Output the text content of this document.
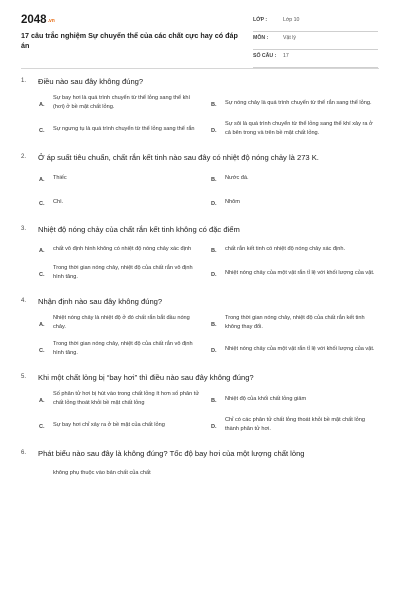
2048.vn
17 câu trắc nghiệm Sự chuyển thể của các chất cực hay có đáp án
LỚP :	Lớp 10
MÔN :	Vật lý
SỐ CÂU : 17
1. Điều nào sau đây không đúng?
A.
Sự bay hơi là quá trình chuyển từ thể lỏng sang thể khí (hơi) ở bề mặt chất lỏng.	B. Sự nóng chảy là quá trình chuyển từ thể rắn sang thể lỏng.
C. Sự ngưng tụ là quá trình chuyển từ thể lỏng sang thể rắn	D.
Sự sôi là quá trình chuyển từ thể lỏng sang thể khí xảy ra ở cả bên trong và trên bề mặt chất lỏng.
2. Ở áp suất tiêu chuẩn, chất rắn kết tinh nào sau đây có nhiệt độ nóng chảy là 273 K.
A. Thiếc	B. Nước đá.
C. Chì.	D. Nhôm
3. Nhiệt độ nóng chảy của chất rắn kết tinh không có đặc điểm
A. chất vô định hình không có nhiệt độ nóng chảy xác định	B. chất rắn kết tinh có nhiệt độ nóng chảy xác định.
C.
Trong thời gian nóng chảy, nhiệt độ của chất rắn vô định hình tăng.	D. Nhiệt nóng chảy của một vật rắn tỉ lệ với khối lượng của vật.
4. Nhận định nào sau đây không đúng?
A.
Nhiệt nóng chảy là nhiệt độ ở đó chất rắn bắt đầu nóng chảy.	B.
Trong thời gian nóng chảy, nhiệt độ của chất rắn kết tinh không thay đổi.
C.
Trong thời gian nóng chảy, nhiệt độ của chất rắn vô định hình tăng.	D. Nhiệt nóng chảy của một vật rắn tỉ lệ với khối lượng của vật.
5. Khi một chất lỏng bị “bay hơi” thì điều nào sau đây không đúng?
A.
Số phân tử hơi bị hút vào trong chất lỏng ít hơn số phân tử chất lỏng thoát khỏi bề mặt chất lỏng	B. Nhiệt độ của khối chất lỏng giảm
C. Sự bay hơi chỉ xảy ra ở bề mặt của chất lỏng	D.
Chỉ có các phân tử chất lỏng thoát khỏi bề mặt chất lỏng thành phân tử hơi.
6. Phát biểu nào sau đây là không đúng? Tốc độ bay hơi của một lượng chất lỏng
không phụ thuộc vào bản chất của chất
